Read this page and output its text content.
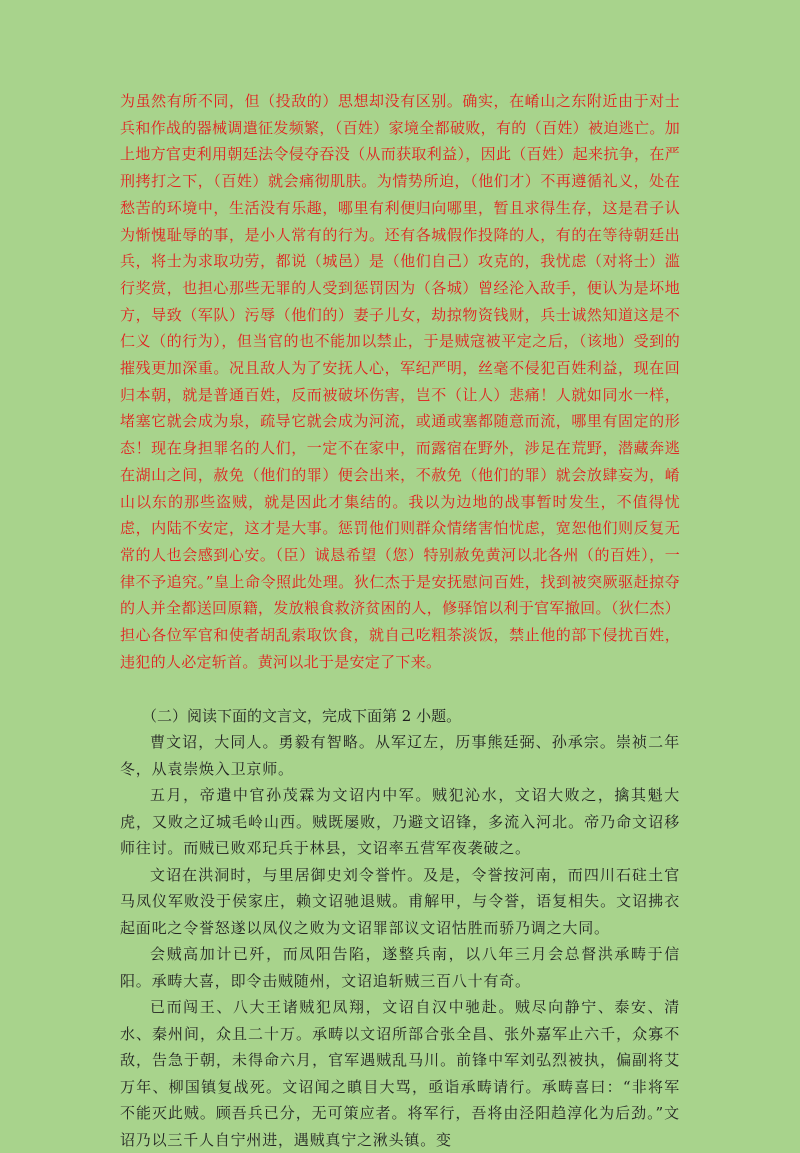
为虽然有所不同，但（投敌的）思想却没有区别。确实，在崤山之东附近由于对士兵和作战的器械调遣征发频繁，（百姓）家境全都破败，有的（百姓）被迫逃亡。加上地方官吏利用朝廷法令侵夺吞没（从而获取利益），因此（百姓）起来抗争，在严刑拷打之下，（百姓）就会痛彻肌肤。为情势所迫，（他们才）不再遵循礼义，处在愁苦的环境中，生活没有乐趣，哪里有利便归向哪里，暂且求得生存，这是君子认为惭愧耻辱的事，是小人常有的行为。还有各城假作投降的人，有的在等待朝廷出兵，将士为求取功劳，都说（城邑）是（他们自己）攻克的，我忧虑（对将士）滥行奖赏，也担心那些无罪的人受到惩罚因为（各城）曾经沦入敌手，便认为是坏地方，导致（军队）污辱（他们的）妻子儿女，劫掠物资钱财，兵士诚然知道这是不仁义（的行为），但当官的也不能加以禁止，于是贼寇被平定之后，（该地）受到的摧残更加深重。况且敌人为了安抚人心，军纪严明，丝毫不侵犯百姓利益，现在回归本朝，就是普通百姓，反而被破坏伤害，岂不（让人）悲痛！人就如同水一样，堵塞它就会成为泉，疏导它就会成为河流，或通或塞都随意而流，哪里有固定的形态！现在身担罪名的人们，一定不在家中，而露宿在野外，涉足在荒野，潜藏奔逃在湖山之间，赦免（他们的罪）便会出来，不赦免（他们的罪）就会放肆妄为，崤山以东的那些盗贼，就是因此才集结的。我以为边地的战事暂时发生，不值得忧虑，内陆不安定，这才是大事。惩罚他们则群众情绪害怕忧虑，宽恕他们则反复无常的人也会感到心安。（臣）诚恳希望（您）特别赦免黄河以北各州（的百姓），一律不予追究。”皇上命令照此处理。狄仁杰于是安抚慰问百姓，找到被突厥驱赶掠夺的人并全都送回原籍，发放粮食救济贫困的人，修驿馆以利于官军撤回。（狄仁杰）担心各位军官和使者胡乱索取饮食，就自己吃粗茶淡饭，禁止他的部下侵扰百姓，违犯的人必定斩首。黄河以北于是安定了下来。
（二）阅读下面的文言文，完成下面第 2 小题。

曹文诏，大同人。勇毅有智略。从军辽左，历事熊廷弼、孙承宗。崇祯二年冬，从袁崇焕入卫京师。

五月，帝遣中官孙茂霖为文诏内中军。贼犯沁水，文诏大败之，擒其魁大虎，又败之辽城毛岭山西。贼既屡败，乃避文诏锋，多流入河北。帝乃命文诏移师往讨。而贼已败邓玘兵于林县，文诏率五营军夜袭破之。

文诏在洪洞时，与里居御史刘令誉忤。及是，令誉按河南，而四川石砫土官马凤仪军败没于侯家庄，赖文诏驰退贼。甫解甲，与令誉，语复相失。文诏拂衣起面叱之令誉怒遂以凤仪之败为文诏罪部议文诏怙胜而骄乃调之大同。

会贼高加计已歼，而凤阳告陷，遂整兵南，以八年三月会总督洪承畴于信阳。承畴大喜，即令击贼随州，文诏追斩贼三百八十有奇。

已而闯王、八大王诸贼犯凤翔，文诏自汉中驰赴。贼尽向静宁、泰安、清水、秦州间，众且二十万。承畴以文诏所部合张全昌、张外嘉军止六千，众寡不敌，告急于朝，未得命六月，官军遇贼乱马川。前锋中军刘弘烈被执，偏副将艾万年、柳国镇复战死。文诏闻之瞋目大骂，亟诣承畴请行。承畴喜曰：“非将军不能灭此贼。顾吾兵已分，无可策应者。将军行，吾将由泾阳趋淳化为后劲。”文诏乃以三千人自宁州进，遇贼真宁之湫头镇。变
